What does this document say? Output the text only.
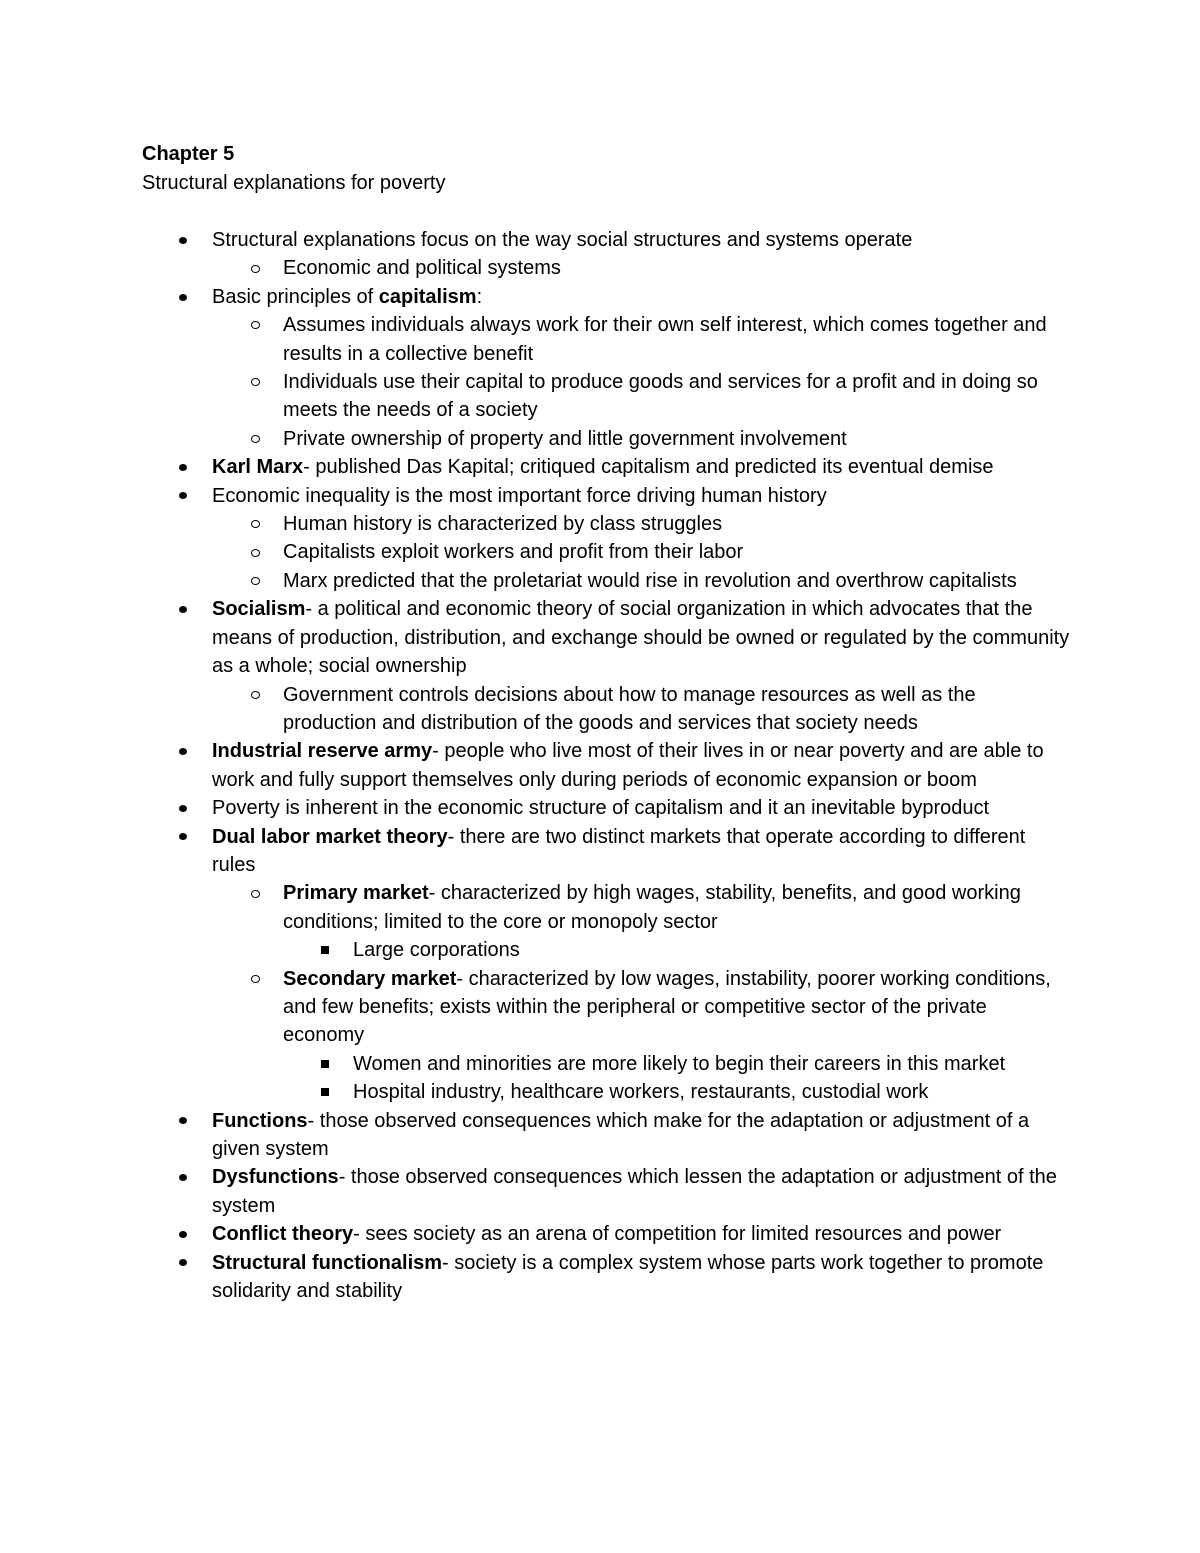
Chapter 5
Structural explanations for poverty
Structural explanations focus on the way social structures and systems operate
Economic and political systems
Basic principles of capitalism:
Assumes individuals always work for their own self interest, which comes together and results in a collective benefit
Individuals use their capital to produce goods and services for a profit and in doing so meets the needs of a society
Private ownership of property and little government involvement
Karl Marx- published Das Kapital; critiqued capitalism and predicted its eventual demise
Economic inequality is the most important force driving human history
Human history is characterized by class struggles
Capitalists exploit workers and profit from their labor
Marx predicted that the proletariat would rise in revolution and overthrow capitalists
Socialism- a political and economic theory of social organization in which advocates that the means of production, distribution, and exchange should be owned or regulated by the community as a whole; social ownership
Government controls decisions about how to manage resources as well as the production and distribution of the goods and services that society needs
Industrial reserve army- people who live most of their lives in or near poverty and are able to work and fully support themselves only during periods of economic expansion or boom
Poverty is inherent in the economic structure of capitalism and it an inevitable byproduct
Dual labor market theory- there are two distinct markets that operate according to different rules
Primary market- characterized by high wages, stability, benefits, and good working conditions; limited to the core or monopoly sector
Large corporations
Secondary market- characterized by low wages, instability, poorer working conditions, and few benefits; exists within the peripheral or competitive sector of the private economy
Women and minorities are more likely to begin their careers in this market
Hospital industry, healthcare workers, restaurants, custodial work
Functions- those observed consequences which make for the adaptation or adjustment of a given system
Dysfunctions- those observed consequences which lessen the adaptation or adjustment of the system
Conflict theory- sees society as an arena of competition for limited resources and power
Structural functionalism- society is a complex system whose parts work together to promote solidarity and stability
